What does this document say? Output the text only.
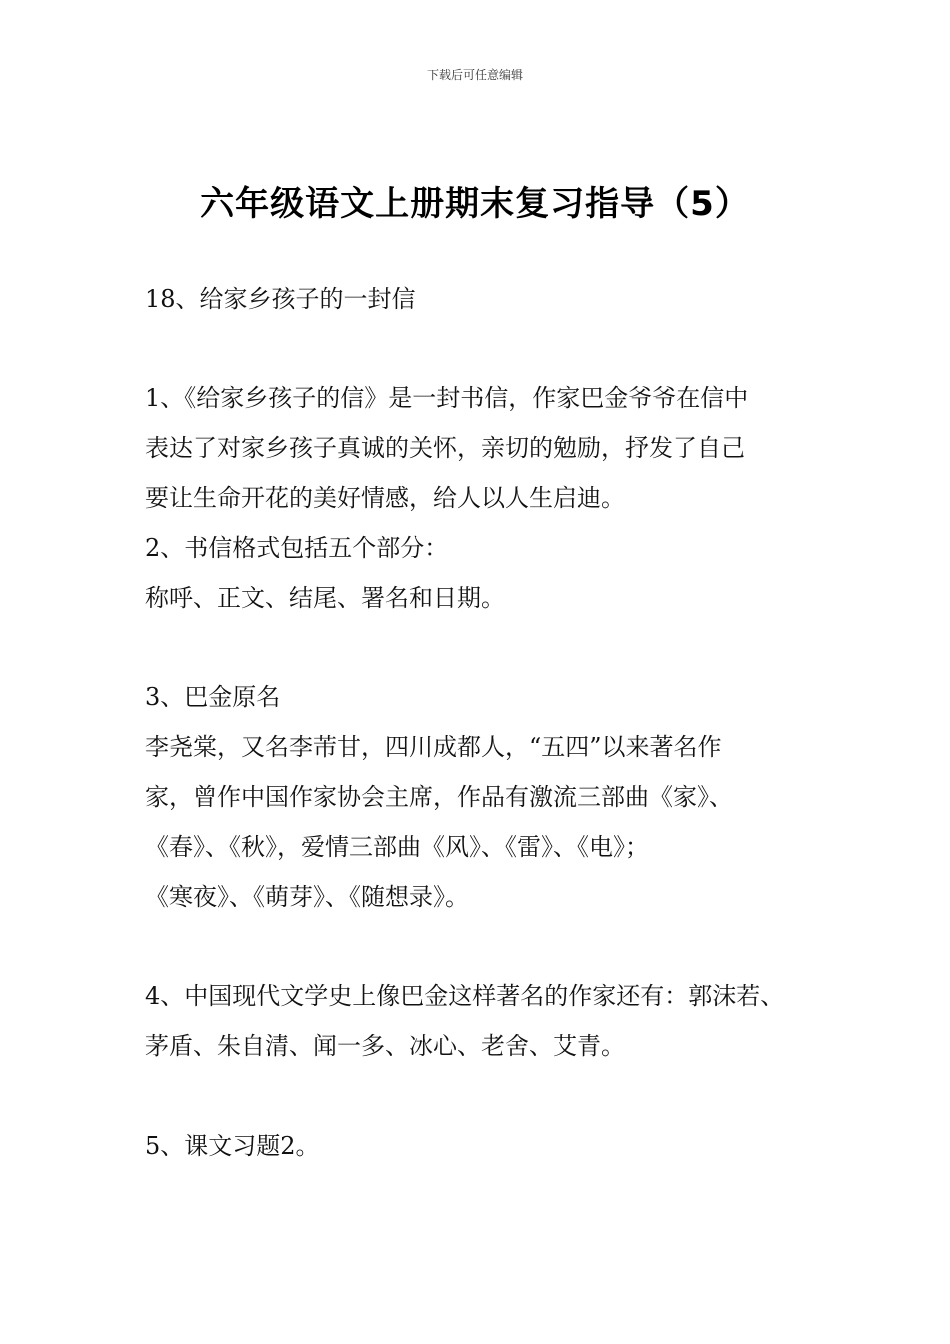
下载后可任意编辑
六年级语文上册期末复习指导（5）
18、给家乡孩子的一封信
1、《给家乡孩子的信》是一封书信，作家巴金爷爷在信中
表达了对家乡孩子真诚的关怀，亲切的勉励，抒发了自己
要让生命开花的美好情感，给人以人生启迪。
2、书信格式包括五个部分：
称呼、正文、结尾、署名和日期。
3、巴金原名
李尧棠，又名李芾甘，四川成都人，“五四”以来著名作
家，曾作中国作家协会主席，作品有激流三部曲《家》、
《春》、《秋》，爱情三部曲《风》、《雷》、《电》；
《寒夜》、《萌芽》、《随想录》。
4、中国现代文学史上像巴金这样著名的作家还有：郭沫若、
茅盾、朱自清、闻一多、冰心、老舍、艾青。
5、课文习题2。
